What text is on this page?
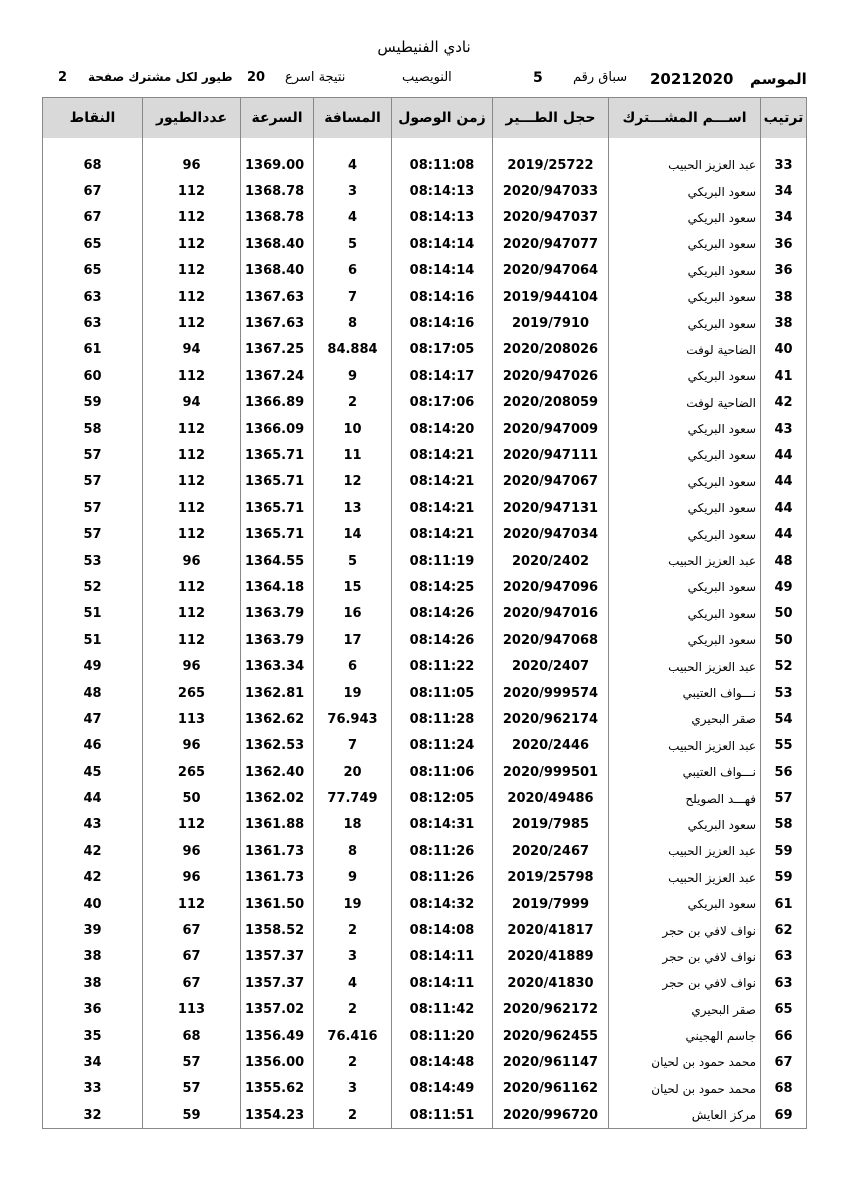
نادي الفنيطيس
2 طيور لكل مشترك صفحة 20 نتيجة اسرع	النويصيب	5 سباق رقم 20212020 الموسم
ترتيب	اســـم المشـــترك	حجل الطـــير	زمن الوصول	المسافة	السرعة	عددالطيور	النقاط

33	عبد العزيز الحبيب	2019/25722	08:11:08	4	1369.00	96	68
34	سعود البريكي	2020/947033	08:14:13	3	1368.78	112	67
34	سعود البريكي	2020/947037	08:14:13	4	1368.78	112	67
36	سعود البريكي	2020/947077	08:14:14	5	1368.40	112	65
36	سعود البريكي	2020/947064	08:14:14	6	1368.40	112	65
38	سعود البريكي	2019/944104	08:14:16	7	1367.63	112	63
38	سعود البريكي	2019/7910	08:14:16	8	1367.63	112	63
40	الضاحية لوفت	2020/208026	08:17:05	84.884	1367.25	94	61
41	سعود البريكي	2020/947026	08:14:17	9	1367.24	112	60
42	الضاحية لوفت	2020/208059	08:17:06	2	1366.89	94	59
43	سعود البريكي	2020/947009	08:14:20	10	1366.09	112	58
44	سعود البريكي	2020/947111	08:14:21	11	1365.71	112	57
44	سعود البريكي	2020/947067	08:14:21	12	1365.71	112	57
44	سعود البريكي	2020/947131	08:14:21	13	1365.71	112	57
44	سعود البريكي	2020/947034	08:14:21	14	1365.71	112	57
48	عبد العزيز الحبيب	2020/2402	08:11:19	5	1364.55	96	53
49	سعود البريكي	2020/947096	08:14:25	15	1364.18	112	52
50	سعود البريكي	2020/947016	08:14:26	16	1363.79	112	51
50	سعود البريكي	2020/947068	08:14:26	17	1363.79	112	51
52	عبد العزيز الحبيب	2020/2407	08:11:22	6	1363.34	96	49
53	نـــواف العتيبي	2020/999574	08:11:05	19	1362.81	265	48
54	صقر البحيري	2020/962174	08:11:28	76.943	1362.62	113	47
55	عبد العزيز الحبيب	2020/2446	08:11:24	7	1362.53	96	46
56	نـــواف العتيبي	2020/999501	08:11:06	20	1362.40	265	45
57	فهـــد الصويلح	2020/49486	08:12:05	77.749	1362.02	50	44
58	سعود البريكي	2019/7985	08:14:31	18	1361.88	112	43
59	عبد العزيز الحبيب	2020/2467	08:11:26	8	1361.73	96	42
59	عبد العزيز الحبيب	2019/25798	08:11:26	9	1361.73	96	42
61	سعود البريكي	2019/7999	08:14:32	19	1361.50	112	40
62	نواف لافي بن حجر	2020/41817	08:14:08	2	1358.52	67	39
63	نواف لافي بن حجر	2020/41889	08:14:11	3	1357.37	67	38
63	نواف لافي بن حجر	2020/41830	08:14:11	4	1357.37	67	38
65	صقر البحيري	2020/962172	08:11:42	2	1357.02	113	36
66	جاسم الهجيني	2020/962455	08:11:20	76.416	1356.49	68	35
67	محمد حمود بن لحيان	2020/961147	08:14:48	2	1356.00	57	34
68	محمد حمود بن لحيان	2020/961162	08:14:49	3	1355.62	57	33
69	مركز العايش	2020/996720	08:11:51	2	1354.23	59	32
